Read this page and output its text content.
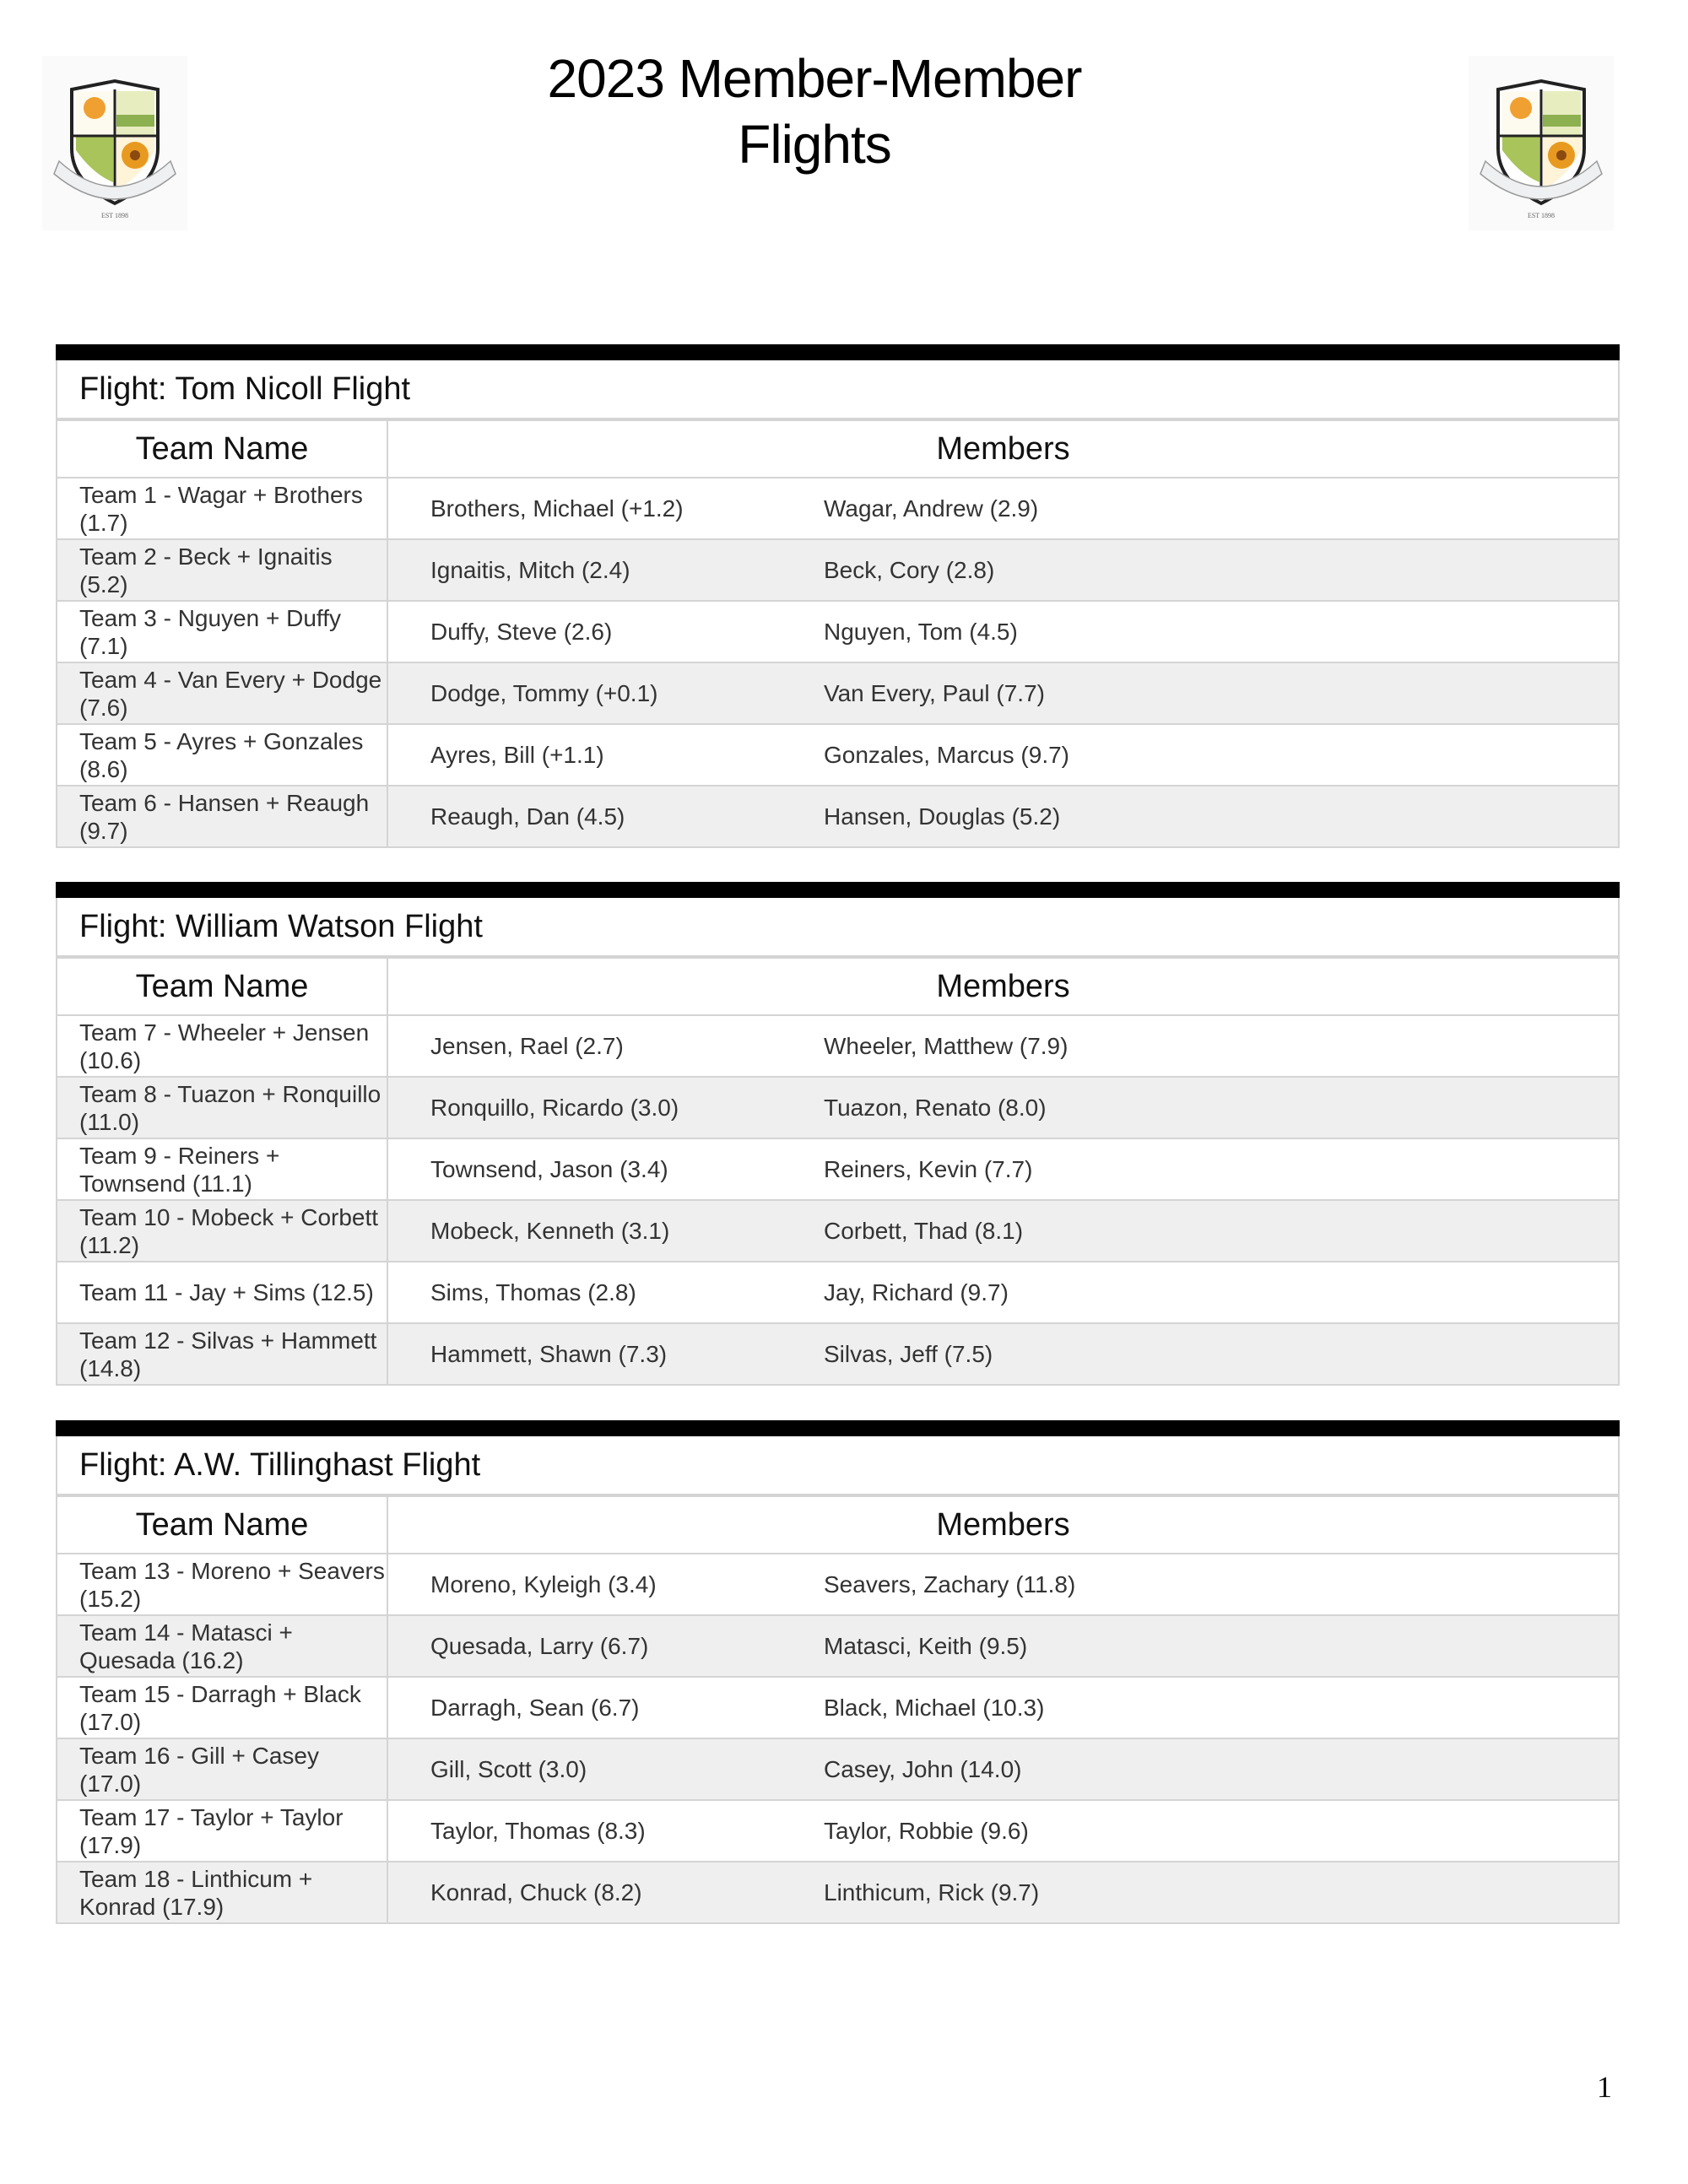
EST 1898	EST 1898
2023 Member-Member
Flights
Flight: Tom Nicoll Flight
Team Name	Members
Team 1 - Wagar + Brothers (1.7)	Brothers, Michael (+1.2) Wagar, Andrew (2.9)
Team 2 - Beck + Ignaitis (5.2)	Ignaitis, Mitch (2.4) Beck, Cory (2.8)
Team 3 - Nguyen + Duffy (7.1)	Duffy, Steve (2.6) Nguyen, Tom (4.5)
Team 4 - Van Every + Dodge (7.6)	Dodge, Tommy (+0.1) Van Every, Paul (7.7)
Team 5 - Ayres + Gonzales (8.6)	Ayres, Bill (+1.1) Gonzales, Marcus (9.7)
Team 6 - Hansen + Reaugh (9.7)	Reaugh, Dan (4.5) Hansen, Douglas (5.2)
Flight: William Watson Flight
Team Name	Members
Team 7 - Wheeler + Jensen (10.6)	Jensen, Rael (2.7) Wheeler, Matthew (7.9)
Team 8 - Tuazon + Ronquillo (11.0)	Ronquillo, Ricardo (3.0) Tuazon, Renato (8.0)
Team 9 - Reiners + Townsend (11.1)	Townsend, Jason (3.4) Reiners, Kevin (7.7)
Team 10 - Mobeck + Corbett (11.2)	Mobeck, Kenneth (3.1) Corbett, Thad (8.1)
Team 11 - Jay + Sims (12.5)	Sims, Thomas (2.8) Jay, Richard (9.7)
Team 12 - Silvas + Hammett (14.8)	Hammett, Shawn (7.3) Silvas, Jeff (7.5)
Flight: A.W. Tillinghast Flight
Team Name	Members
Team 13 - Moreno + Seavers (15.2)	Moreno, Kyleigh (3.4) Seavers, Zachary (11.8)
Team 14 - Matasci + Quesada (16.2)	Quesada, Larry (6.7) Matasci, Keith (9.5)
Team 15 - Darragh + Black (17.0)	Darragh, Sean (6.7) Black, Michael (10.3)
Team 16 - Gill + Casey (17.0)	Gill, Scott (3.0) Casey, John (14.0)
Team 17 - Taylor + Taylor (17.9)	Taylor, Thomas (8.3) Taylor, Robbie (9.6)
Team 18 - Linthicum + Konrad (17.9)	Konrad, Chuck (8.2) Linthicum, Rick (9.7)
1
